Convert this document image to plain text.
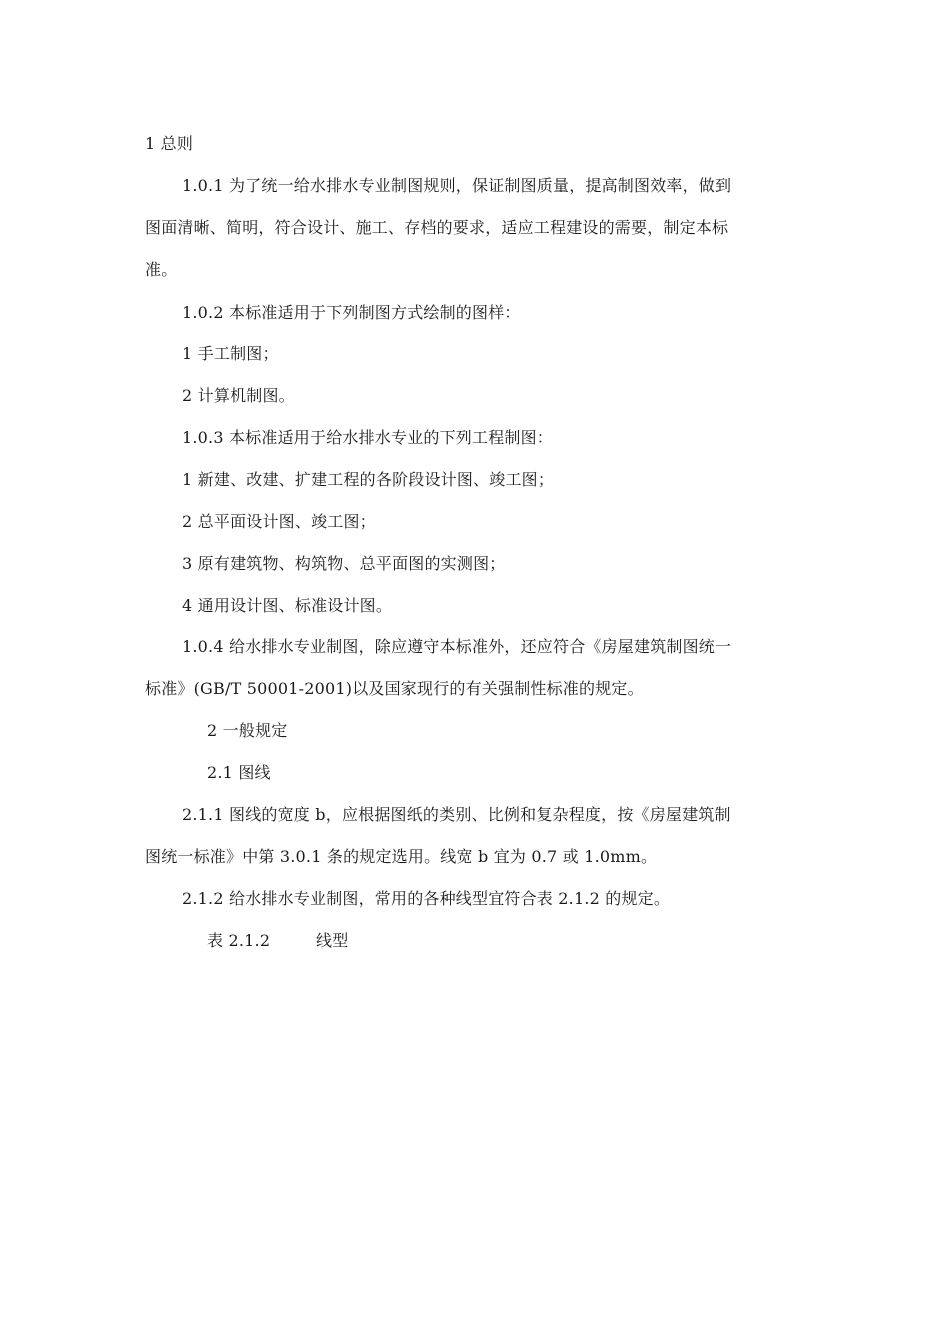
1 总则
1.0.1 为了统一给水排水专业制图规则，保证制图质量，提高制图效率，做到
图面清晰、简明，符合设计、施工、存档的要求，适应工程建设的需要，制定本标
准。
1.0.2 本标准适用于下列制图方式绘制的图样：
1 手工制图；
2 计算机制图。
1.0.3 本标准适用于给水排水专业的下列工程制图：
1 新建、改建、扩建工程的各阶段设计图、竣工图；
2 总平面设计图、竣工图；
3 原有建筑物、构筑物、总平面图的实测图；
4 通用设计图、标准设计图。
1.0.4 给水排水专业制图，除应遵守本标准外，还应符合《房屋建筑制图统一
标准》(GB/T 50001-2001)以及国家现行的有关强制性标准的规定。
2 一般规定
2.1 图线
2.1.1 图线的宽度 b，应根据图纸的类别、比例和复杂程度，按《房屋建筑制
图统一标准》中第 3.0.1 条的规定选用。线宽 b 宜为 0.7 或 1.0mm。
2.1.2 给水排水专业制图，常用的各种线型宜符合表 2.1.2 的规定。
表 2.1.2	线型
